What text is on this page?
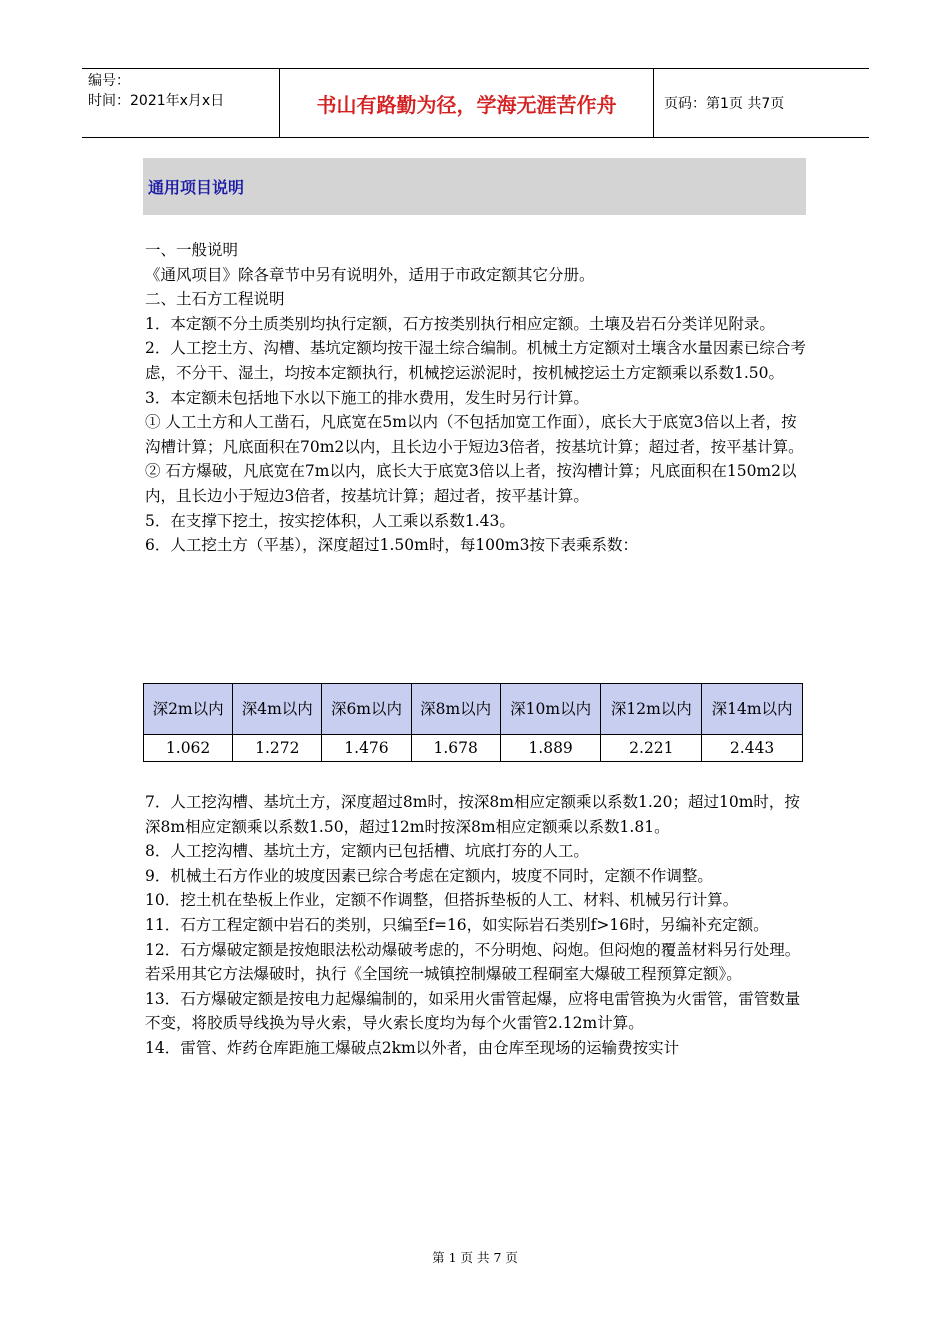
编号：
时间：2021年x月x日	书山有路勤为径，学海无涯苦作舟	页码：第1页 共7页
通用项目说明

一、一般说明

《通风项目》除各章节中另有说明外，适用于市政定额其它分册。

二、土石方工程说明

1．本定额不分土质类别均执行定额，石方按类别执行相应定额。土壤及岩石分类详见附录。

2．人工挖土方、沟槽、基坑定额均按干湿土综合编制。机械土方定额对土壤含水量因素已综合考虑，不分干、湿土，均按本定额执行，机械挖运淤泥时，按机械挖运土方定额乘以系数1.50。

3．本定额未包括地下水以下施工的排水费用，发生时另行计算。

① 人工土方和人工凿石，凡底宽在5m以内（不包括加宽工作面），底长大于底宽3倍以上者，按沟槽计算；凡底面积在70m2以内，且长边小于短边3倍者，按基坑计算；超过者，按平基计算。

② 石方爆破，凡底宽在7m以内，底长大于底宽3倍以上者，按沟槽计算；凡底面积在150m2以内，且长边小于短边3倍者，按基坑计算；超过者，按平基计算。

5．在支撑下挖土，按实挖体积，人工乘以系数1.43。

6．人工挖土方（平基），深度超过1.50m时，每100m3按下表乘系数：

深2m以内	深4m以内	深6m以内	深8m以内	深10m以内	深12m以内	深14m以内
1.062	1.272	1.476	1.678	1.889	2.221	2.443

7．人工挖沟槽、基坑土方，深度超过8m时，按深8m相应定额乘以系数1.20；超过10m时，按深8m相应定额乘以系数1.50，超过12m时按深8m相应定额乘以系数1.81。

8．人工挖沟槽、基坑土方，定额内已包括槽、坑底打夯的人工。

9．机械土石方作业的坡度因素已综合考虑在定额内，坡度不同时，定额不作调整。

10．挖土机在垫板上作业，定额不作调整，但搭拆垫板的人工、材料、机械另行计算。

11．石方工程定额中岩石的类别，只编至f=16，如实际岩石类别f>16时，另编补充定额。

12．石方爆破定额是按炮眼法松动爆破考虑的，不分明炮、闷炮。但闷炮的覆盖材料另行处理。若采用其它方法爆破时，执行《全国统一城镇控制爆破工程硐室大爆破工程预算定额》。

13．石方爆破定额是按电力起爆编制的，如采用火雷管起爆，应将电雷管换为火雷管，雷管数量不变，将胶质导线换为导火索，导火索长度均为每个火雷管2.12m计算。

14．雷管、炸药仓库距施工爆破点2km以外者，由仓库至现场的运输费按实计

第 1 页 共 7 页
